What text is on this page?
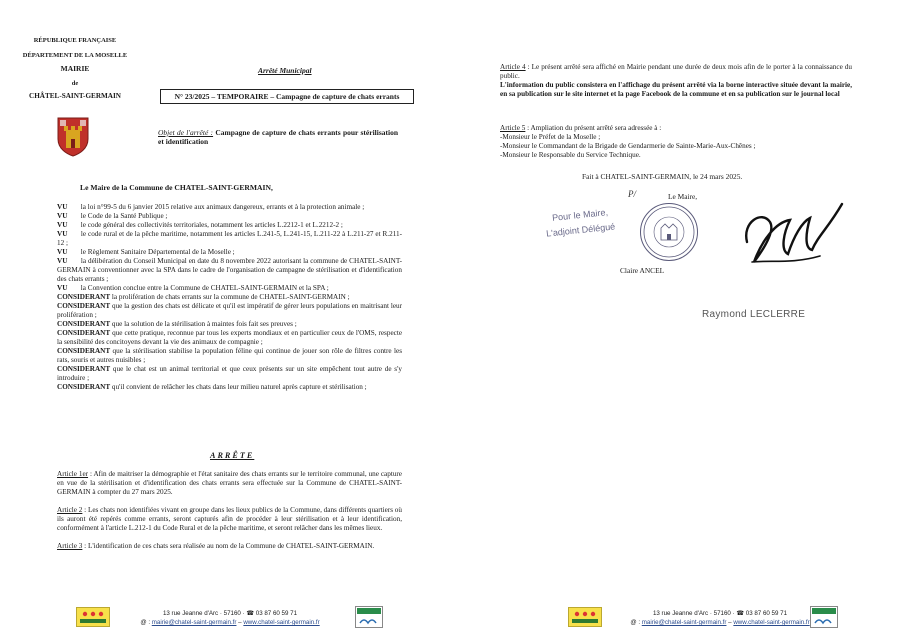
RÉPUBLIQUE FRANÇAISE
DÉPARTEMENT DE LA MOSELLE
MAIRIE
de
CHÂTEL-SAINT-GERMAIN
Arrêté Municipal
N° 23/2025 – TEMPORAIRE – Campagne de capture de chats errants
Objet de l'arrêté : Campagne de capture de chats errants pour stérilisation et identification
Le Maire de la Commune de CHATEL-SAINT-GERMAIN,
VU la loi n°99-5 du 6 janvier 2015 relative aux animaux dangereux, errants et à la protection animale ;
VU le Code de la Santé Publique ;
VU le code général des collectivités territoriales, notamment les articles L.2212-1 et L.2212-2 ;
VU le code rural et de la pêche maritime, notamment les articles L.241-5, L.241-15, L.211-22 à L.211-27 et R.211-12 ;
VU le Règlement Sanitaire Départemental de la Moselle ;
VU la délibération du Conseil Municipal en date du 8 novembre 2022 autorisant la commune de CHATEL-SAINT-GERMAIN à conventionner avec la SPA dans le cadre de l'organisation de campagne de stérilisation et d'identification des chats errants ;
VU la Convention conclue entre la Commune de CHATEL-SAINT-GERMAIN et la SPA ;
CONSIDERANT la prolifération de chats errants sur la commune de CHATEL-SAINT-GERMAIN ;
CONSIDERANT que la gestion des chats est délicate et qu'il est impératif de gérer leurs populations en maitrisant leur prolifération ;
CONSIDERANT que la solution de la stérilisation à maintes fois fait ses preuves ;
CONSIDERANT que cette pratique, reconnue par tous les experts mondiaux et en particulier ceux de l'OMS, respecte la sensibilité des concitoyens devant la vie des animaux de compagnie ;
CONSIDERANT que la stérilisation stabilise la population féline qui continue de jouer son rôle de filtres contre les rats, souris et autres nuisibles ;
CONSIDERANT que le chat est un animal territorial et que ceux présents sur un site empêchent tout autre de s'y introduire ;
CONSIDERANT qu'il convient de relâcher les chats dans leur milieu naturel après capture et stérilisation ;
ARRÊTE
Article 1er : Afin de maitriser la démographie et l'état sanitaire des chats errants sur le territoire communal, une capture en vue de la stérilisation et d'identification des chats errants sera effectuée sur la Commune de CHATEL-SAINT-GERMAIN à compter du 27 mars 2025.
Article 2 : Les chats non identifiées vivant en groupe dans les lieux publics de la Commune, dans différents quartiers où ils auront été repérés comme errants, seront capturés afin de procéder à leur stérilisation et à leur identification, conformément à l'article L.212-1 du Code Rural et de la pêche maritime, et seront relâcher dans les mêmes lieux.
Article 3 : L'identification de ces chats sera réalisée au nom de la Commune de CHATEL-SAINT-GERMAIN.
13 rue Jeanne d'Arc · 57160 · ☎ 03 87 60 59 71
@ : mairie@chatel-saint-germain.fr – www.chatel-saint-germain.fr
Article 4 : Le présent arrêté sera affiché en Mairie pendant une durée de deux mois afin de le porter à la connaissance du public.
L'information du public consistera en l'affichage du présent arrêté via la borne interactive située devant la mairie, en sa publication sur le site internet et la page Facebook de la commune et en sa publication sur le journal local
Article 5 : Ampliation du présent arrêté sera adressée à :
-Monsieur le Préfet de la Moselle ;
-Monsieur le Commandant de la Brigade de Gendarmerie de Sainte-Marie-Aux-Chênes ;
-Monsieur le Responsable du Service Technique.
Fait à CHATEL-SAINT-GERMAIN, le 24 mars 2025.
P/	Le Maire,
Pour le Maire,
L'adjoint Délégué
Claire ANCEL
Raymond LECLERRE
13 rue Jeanne d'Arc · 57160 · ☎ 03 87 60 59 71
@ : mairie@chatel-saint-germain.fr – www.chatel-saint-germain.fr
